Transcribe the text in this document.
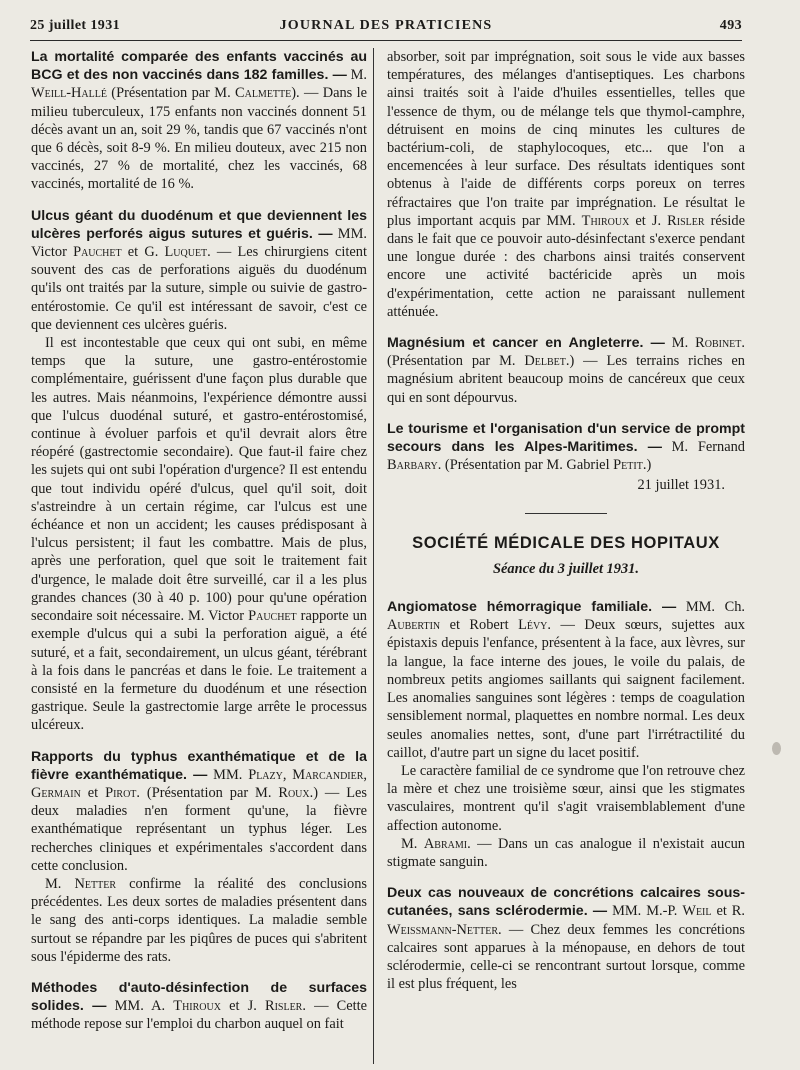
25 juillet 1931	JOURNAL DES PRATICIENS	493

La mortalité comparée des enfants vaccinés au BCG et des non vaccinés dans 182 familles. — M. Weill-Hallé (Présentation par M. Calmette). — Dans le milieu tuberculeux, 175 enfants non vaccinés donnent 51 décès avant un an, soit 29 %, tandis que 67 vaccinés n'ont que 6 décès, soit 8-9 %. En milieu douteux, avec 215 non vaccinés, 27 % de mortalité, chez les vaccinés, 68 vaccinés, mortalité de 16 %.

Ulcus géant du duodénum et que deviennent les ulcères perforés aigus sutures et guéris. — MM. Victor Pauchet et G. Luquet. — Les chirurgiens citent souvent des cas de perforations aiguës du duodénum qu'ils ont traités par la suture, simple ou suivie de gastro-entérostomie. Ce qu'il est intéressant de savoir, c'est ce que deviennent ces ulcères guéris.

Il est incontestable que ceux qui ont subi, en même temps que la suture, une gastro-entérostomie complémentaire, guérissent d'une façon plus durable que les autres. Mais néanmoins, l'expérience démontre aussi que l'ulcus duodénal suturé, et gastro-entérostomisé, continue à évoluer parfois et qu'il devrait alors être réopéré (gastrectomie secondaire). Que faut-il faire chez les sujets qui ont subi l'opération d'urgence? Il est entendu que tout individu opéré d'ulcus, quel qu'il soit, doit s'astreindre à un certain régime, car l'ulcus est une échéance et non un accident; les causes prédisposant à l'ulcus persistent; il faut les combattre. Mais de plus, après une perforation, quel que soit le traitement fait d'urgence, le malade doit être surveillé, car il a les plus grandes chances (30 à 40 p. 100) pour qu'une opération secondaire soit nécessaire. M. Victor Pauchet rapporte un exemple d'ulcus qui a subi la perforation aiguë, a été suturé, et a fait, secondairement, un ulcus géant, térébrant à la fois dans le pancréas et dans le foie. Le traitement a consisté en la fermeture du duodénum et une résection gastrique. Seule la gastrectomie large arrête le processus ulcéreux.

Rapports du typhus exanthématique et de la fièvre exanthématique. — MM. Plazy, Marcandier, Germain et Pirot. (Présentation par M. Roux.) — Les deux maladies n'en forment qu'une, la fièvre exanthématique représentant un typhus léger. Les recherches cliniques et expérimentales s'accordent dans cette conclusion.

M. Netter confirme la réalité des conclusions précédentes. Les deux sortes de maladies présentent dans le sang des anti-corps identiques. La maladie semble surtout se répandre par les piqûres de puces qui s'abritent sous l'épiderme des rats.

Méthodes d'auto-désinfection de surfaces solides. — MM. A. Thiroux et J. Risler. — Cette méthode repose sur l'emploi du charbon auquel on fait

absorber, soit par imprégnation, soit sous le vide aux basses températures, des mélanges d'antiseptiques. Les charbons ainsi traités soit à l'aide d'huiles essentielles, telles que l'essence de thym, ou de mélange tels que thymol-camphre, détruisent en moins de cinq minutes les cultures de bactérium-coli, de staphylocoques, etc... que l'on a encemencées à leur surface. Des résultats identiques sont obtenus à l'aide de différents corps poreux on terres réfractaires que l'on traite par imprégnation. Le résultat le plus important acquis par MM. Thiroux et J. Risler réside dans le fait que ce pouvoir auto-désinfectant s'exerce pendant une longue durée : des charbons ainsi traités conservent encore une activité bactéricide après un mois d'expérimentation, cette action ne paraissant nullement atténuée.

Magnésium et cancer en Angleterre. — M. Robinet. (Présentation par M. Delbet.) — Les terrains riches en magnésium abritent beaucoup moins de cancéreux que ceux qui en sont dépourvus.

Le tourisme et l'organisation d'un service de prompt secours dans les Alpes-Maritimes. — M. Fernand Barbary. (Présentation par M. Gabriel Petit.)

21 juillet 1931.
SOCIÉTÉ MÉDICALE DES HOPITAUX
Séance du 3 juillet 1931.

Angiomatose hémorragique familiale. — MM. Ch. Aubertin et Robert Lévy. — Deux sœurs, sujettes aux épistaxis depuis l'enfance, présentent à la face, aux lèvres, sur la langue, la face interne des joues, le voile du palais, de nombreux petits angiomes saillants qui saignent facilement. Les anomalies sanguines sont légères : temps de coagulation sensiblement normal, plaquettes en nombre normal. Les deux seules anomalies nettes, sont, d'une part l'irrétractilité du caillot, d'autre part un signe du lacet positif.

Le caractère familial de ce syndrome que l'on retrouve chez la mère et chez une troisième sœur, ainsi que les stigmates vasculaires, montrent qu'il s'agit vraisemblablement d'une affection autonome.

M. Abrami. — Dans un cas analogue il n'existait aucun stigmate sanguin.

Deux cas nouveaux de concrétions calcaires sous-cutanées, sans sclérodermie. — MM. M.-P. Weil et R. Weissmann-Netter. — Chez deux femmes les concrétions calcaires sont apparues à la ménopause, en dehors de tout sclérodermie, celle-ci se rencontrant surtout lorsque, comme il est plus fréquent, les
